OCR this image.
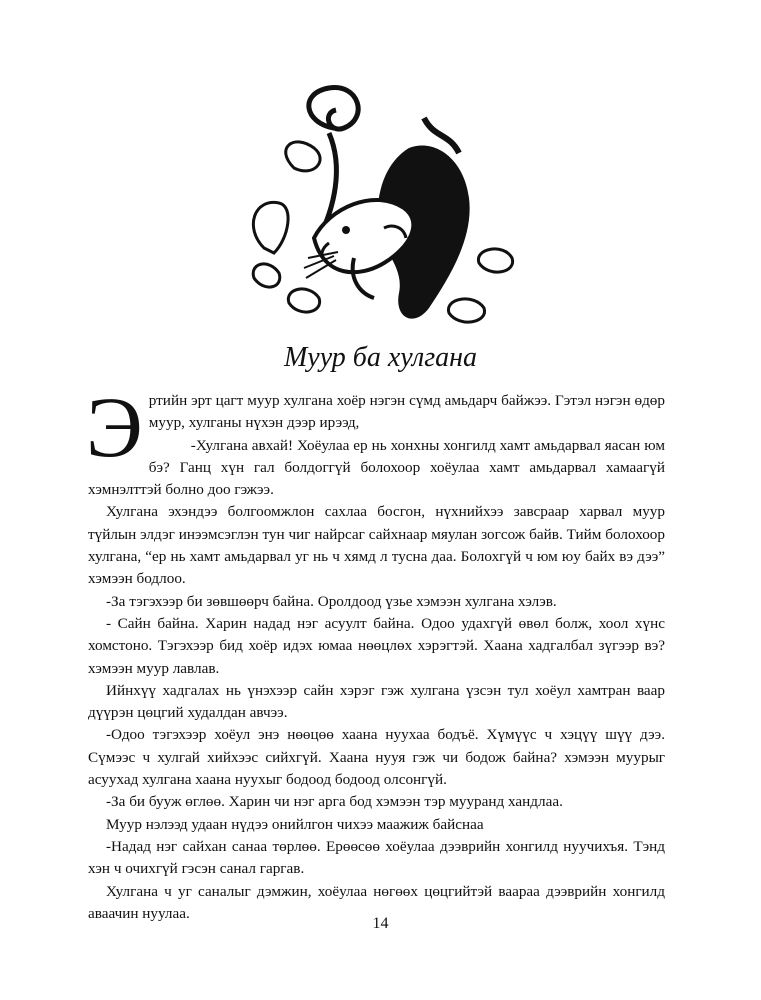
Муур ба хулгана

Эртийн эрт цагт муур хулгана хоёр нэгэн сүмд амьдарч байжээ. Гэтэл нэгэн өдөр муур, хулганы нүхэн дээр ирээд,

-Хулгана авхай! Хоёулаа ер нь хонхны хонгилд хамт амьдарвал яасан юм бэ? Ганц хүн гал болдоггүй болохоор хоёулаа хамт амьдарвал хамаагүй хэмнэлттэй болно доо гэжээ.

Хулгана эхэндээ болгоомжлон сахлаа босгон, нүхнийхээ завсраар харвал муур түйлын элдэг инээмсэглэн тун чиг найрсаг сайхнаар мяулан зогсож байв. Тийм болохоор хулгана, “ер нь хамт амьдарвал уг нь ч хямд л тусна даа. Болохгүй ч юм юу байх вэ дээ” хэмээн бодлоо.

-За тэгэхээр би зөвшөөрч байна. Оролдоод үзье хэмээн хулгана хэлэв.

- Сайн байна. Харин надад нэг асуулт байна. Одоо удахгүй өвөл болж, хоол хүнс хомстоно. Тэгэхээр бид хоёр идэх юмаа нөөцлөх хэрэгтэй. Хаана хадгалбал зүгээр вэ? хэмээн муур лавлав.

Ийнхүү хадгалах нь үнэхээр сайн хэрэг гэж хулгана үзсэн тул хоёул хамтран ваар дүүрэн цөцгий худалдан авчээ.

-Одоо тэгэхээр хоёул энэ нөөцөө хаана нуухаа бодъё. Хүмүүс ч хэцүү шүү дээ. Сүмээс ч хулгай хийхээс сийхгүй. Хаана нууя гэж чи бодож байна? хэмээн муурыг асуухад хулгана хаана нуухыг бодоод бодоод олсонгүй.

-За би бууж өглөө. Харин чи нэг арга бод хэмээн тэр мууранд хандлаа.

Муур нэлээд удаан нүдээ онийлгон чихээ маажиж байснаа

-Надад нэг сайхан санаа төрлөө. Ерөөсөө хоёулаа дээврийн хонгилд нуучихъя. Тэнд хэн ч очихгүй гэсэн санал гаргав.

Хулгана ч уг саналыг дэмжин, хоёулаа нөгөөх цөцгийтэй ваараа дээврийн хонгилд аваачин нуулаа.

14
